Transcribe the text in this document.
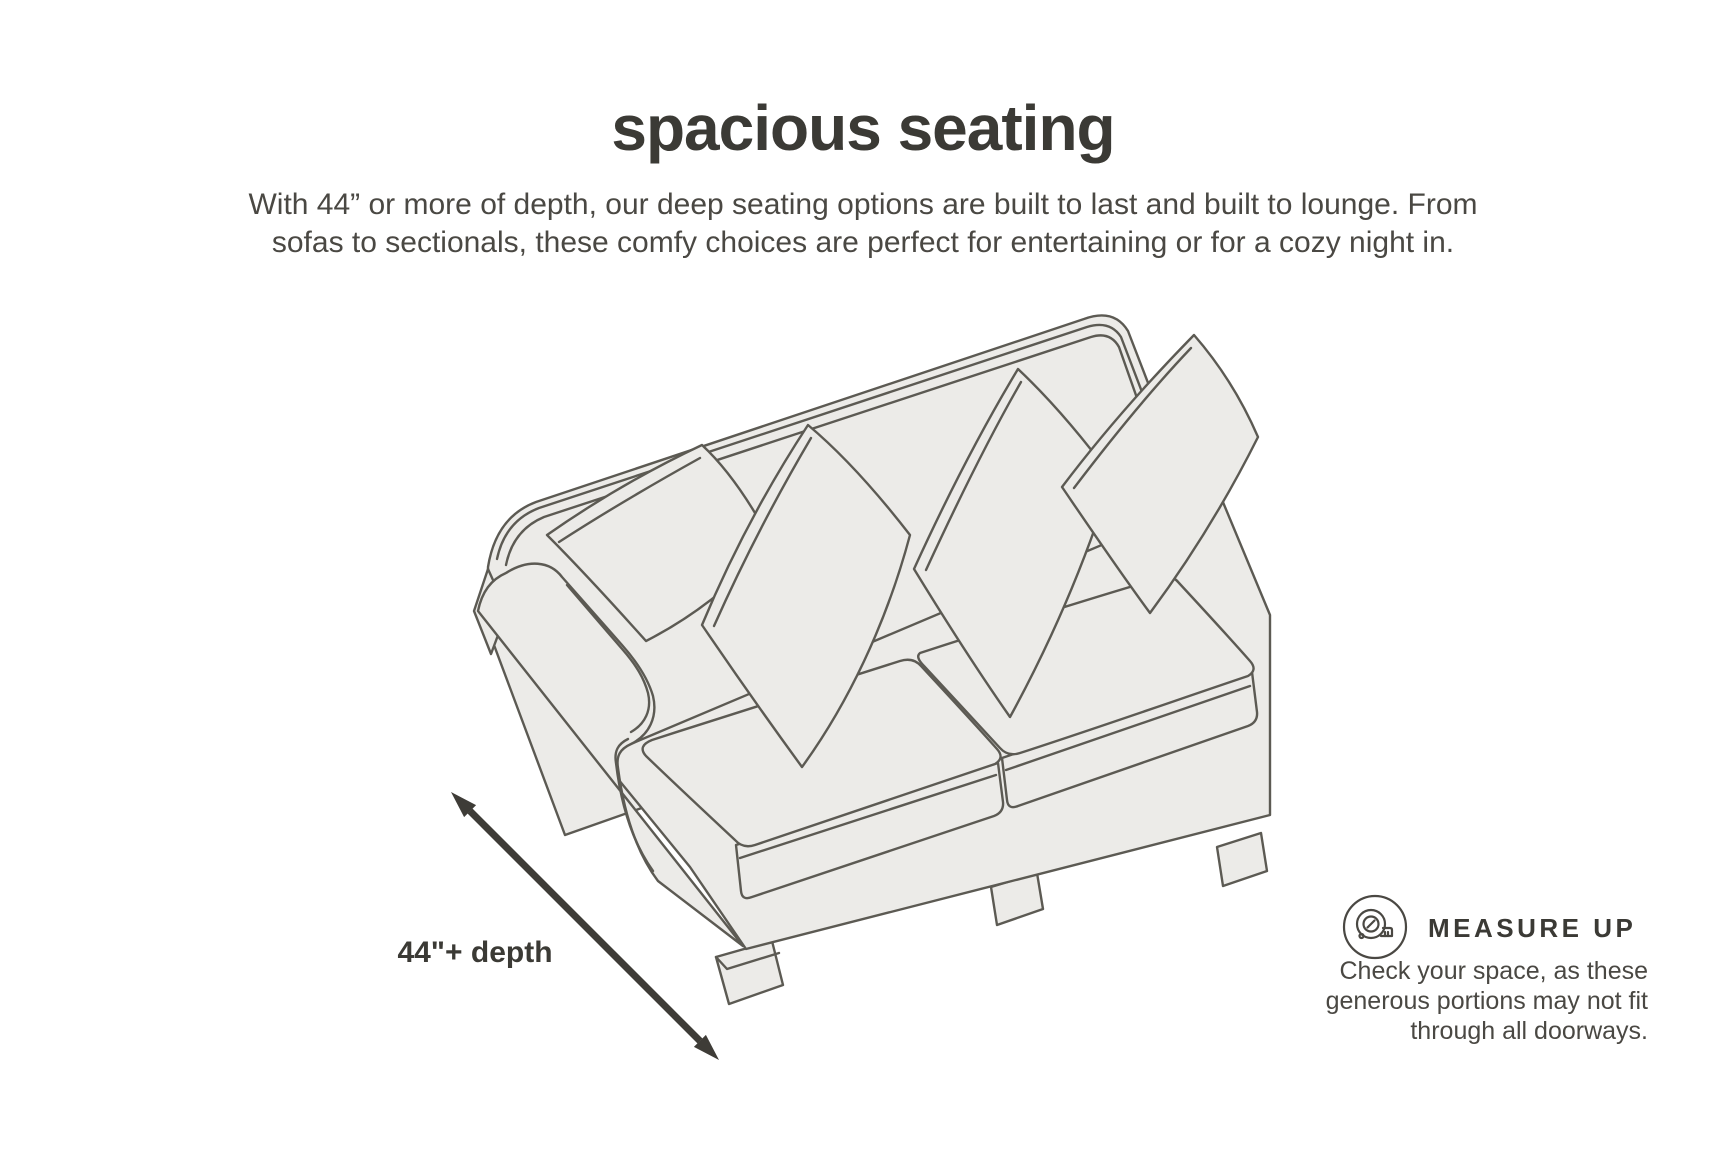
spacious seating

With 44” or more of depth, our deep seating options are built to last and built to lounge. From
sofas to sectionals, these comfy choices are perfect for entertaining or for a cozy night in.

44"+ depth
MEASURE UP
Check your space, as these
generous portions may not fit
through all doorways.
